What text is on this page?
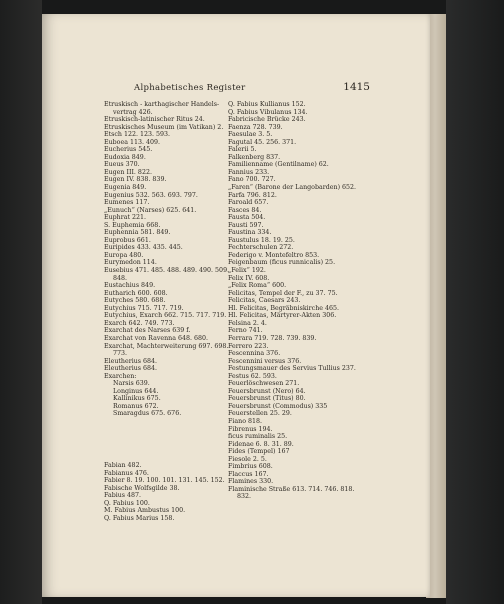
Alphabetisches Register	1415

Etruskisch - karthagischer Handels-vertrag 426.

Etruskisch-latinischer Ritus 24.

Etruskisches Museum (im Vatikan) 2.

Etsch 122. 123. 593.

Euboea 113. 409.

Eucherius 545.

Eudoxia 849.

Eueus 370.

Eugen III. 822.

Eugen IV. 838. 839.

Eugenia 849.

Eugenius 532. 563. 693. 797.

Eumenes 117.

„Eunuch“ (Narses) 625. 641.

Euphrat 221.

S. Euphemia 668.

Euphennia 581. 849.

Euprobus 661.

Euripides 433. 435. 445.

Europa 480.

Eurymedon 114.

Eusebius 471. 485. 488. 489. 490. 509. 848.

Eustachius 849.

Eutharich 600. 608.

Eutyches 580. 688.

Eutychius 715. 717. 719.

Eutychius, Exarch 662. 715. 717. 719.

Exarch 642. 749. 773.

Exarchat des Narses 639 f.

Exarchat von Ravenna 648. 680.

Exarchat, Machterweiterung 697. 698. 773.

Eleutherius 684.

Eleutherius 684.

Exarchen:

Narsis 639.

Longinus 644.

Kallinikus 675.

Romanus 672.

Smaragdus 675. 676.

Fabian 482.

Fabianus 476.

Fabier 8. 19. 100. 101. 131. 145. 152.

Fabische Wolfsgilde 38.

Fabius 487.

Q. Fabius 100.

M. Fabius Ambustus 100.

Q. Fabius Marius 158.

Q. Fabius Kullianus 152.

Q. Fabius Vibulanus 134.

Fabricische Brücke 243.

Faenza 728. 739.

Faesulae 3. 5.

Fagutal 45. 256. 371.

Falerii 5.

Falkenberg 837.

Familienname (Gentilname) 62.

Fannius 233.

Fano 700. 727.

„Faren“ (Barone der Langobarden) 652.

Farfa 796. 812.

Faroald 657.

Fasces 84.

Fausta 504.

Fausti 597.

Faustina 334.

Faustulus 18. 19. 25.

Fechterschulen 272.

Federigo v. Montefeltro 853.

Feigenbaum (ficus runnicalis) 25.

„Felix“ 192.

Felix IV. 608.

„Felix Roma“ 600.

Felicitas, Tempel der F., zu 37. 75.

Felicitas, Caesars 243.

Hl. Felicitas, Begräbniskirche 465.

Hl. Felicitas, Märtyrer-Akten 306.

Felsina 2. 4.

Ferno 741.

Ferrara 719. 728. 739. 839.

Ferrero 223.

Fescennina 376.

Fescennini versus 376.

Festungsmauer des Servius Tullius 237.

Festus 62. 593.

Feuerlöschwesen 271.

Feuersbrunst (Nero) 64.

Feuersbrunst (Titus) 80.

Feuersbrunst (Commodus) 335

Feuerstellen 25. 29.

Fiano 818.

Fibrenus 194.

ficus ruminalis 25.

Fidenae 6. 8. 31. 89.

Fides (Tempel) 167

Fiesole 2. 5.

Fimbrius 608.

Flaccus 167.

Flamines 330.

Flaminische Straße 613. 714. 746. 818. 832.
